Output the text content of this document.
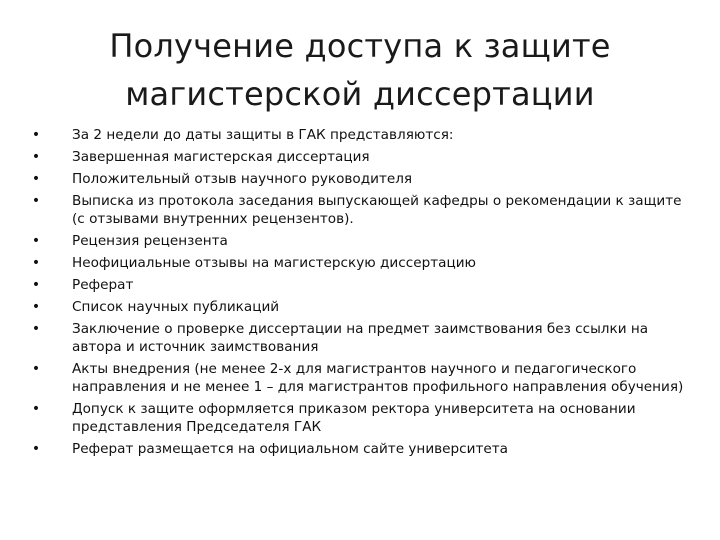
Получение доступа к защите
магистерской диссертации
• За 2 недели до даты защиты в ГАК представляются:
• Завершенная магистерская диссертация
• Положительный отзыв научного руководителя
• Выписка из протокола заседания выпускающей кафедры о рекомендации к защите (с отзывами внутренних рецензентов).
• Рецензия рецензента
• Неофициальные отзывы на магистерскую диссертацию
• Реферат
• Список научных публикаций
• Заключение о проверке диссертации на предмет заимствования без ссылки на автора и источник заимствования
• Акты внедрения (не менее 2-х для магистрантов научного и педагогического направления и не менее 1 – для магистрантов профильного направления обучения)
• Допуск к защите оформляется приказом ректора университета на основании представления Председателя ГАК
• Реферат размещается на официальном сайте университета
